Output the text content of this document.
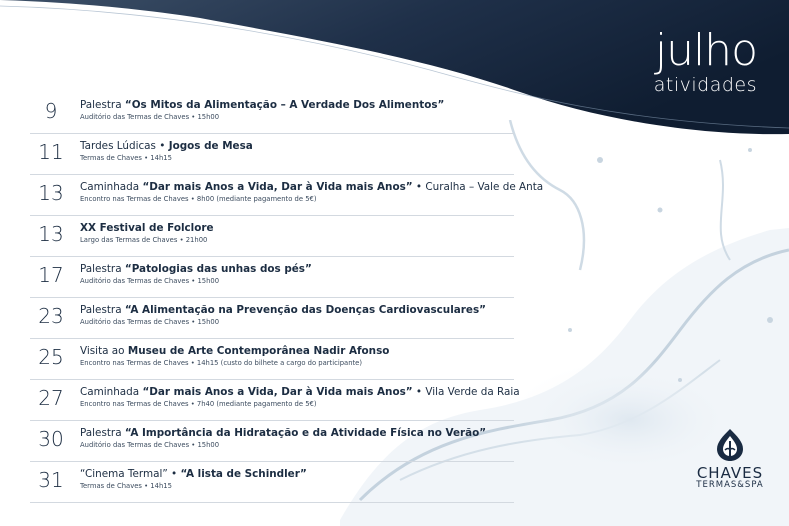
julho
atividades
9	Palestra “Os Mitos da Alimentação – A Verdade Dos Alimentos”
Auditório das Termas de Chaves • 15h00
11	Tardes Lúdicas • Jogos de Mesa
Termas de Chaves • 14h15
13	Caminhada “Dar mais Anos a Vida, Dar à Vida mais Anos” • Curalha – Vale de Anta
Encontro nas Termas de Chaves • 8h00 (mediante pagamento de 5€)
13	XX Festival de Folclore
Largo das Termas de Chaves • 21h00
17	Palestra “Patologias das unhas dos pés”
Auditório das Termas de Chaves • 15h00
23	Palestra “A Alimentação na Prevenção das Doenças Cardiovasculares”
Auditório das Termas de Chaves • 15h00
25	Visita ao Museu de Arte Contemporânea Nadir Afonso
Encontro nas Termas de Chaves • 14h15 (custo do bilhete a cargo do participante)
27	Caminhada “Dar mais Anos a Vida, Dar à Vida mais Anos” • Vila Verde da Raia
Encontro nas Termas de Chaves • 7h40 (mediante pagamento de 5€)
30	Palestra “A Importância da Hidratação e da Atividade Física no Verão”
Auditório das Termas de Chaves • 15h00
31	“Cinema Termal” • “A lista de Schindler”
Termas de Chaves • 14h15
CHAVES
TERMAS&SPA
